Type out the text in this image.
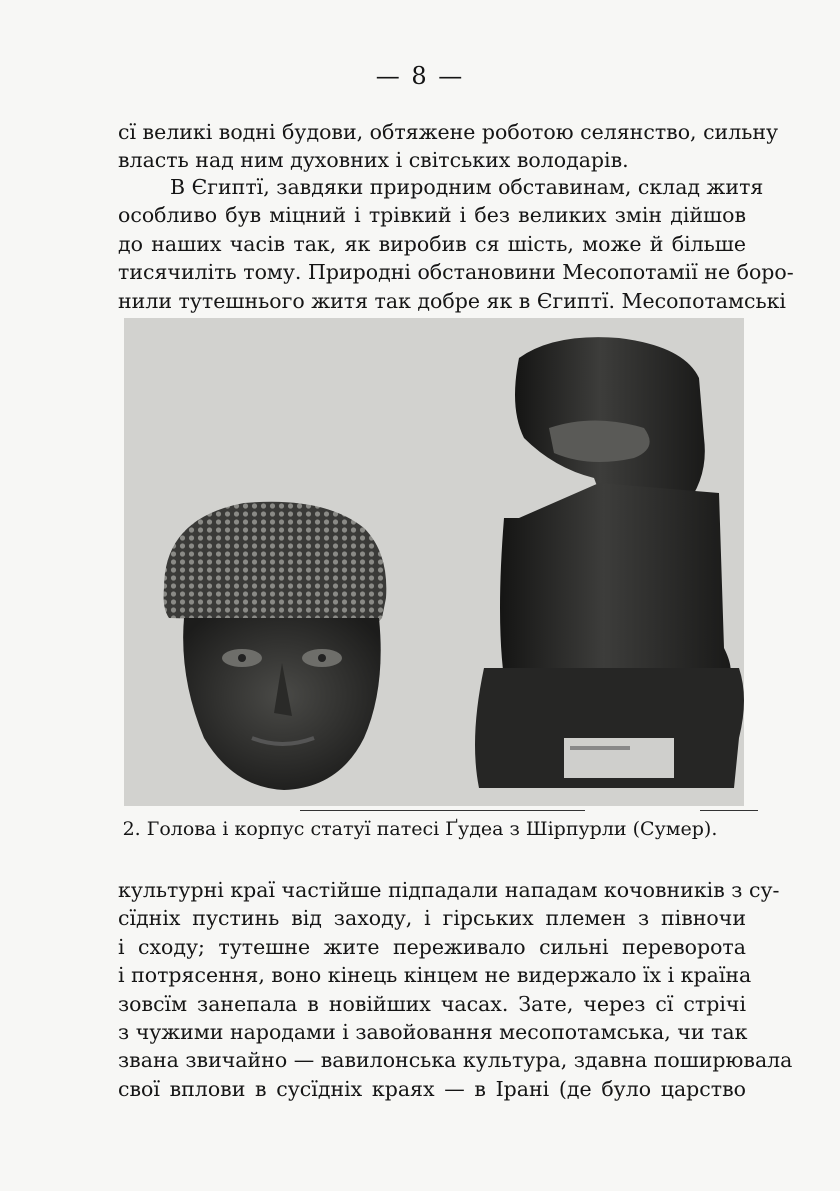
— 8 —
сї великі водні будови, обтяжене роботою селянство, сильну
власть над ним духовних і світських володарів.
В Єгиптї, завдяки природним обставинам, склад житя
особливо був міцний і трівкий і без великих змін дійшов
до наших часів так, як виробив ся шість, може й більше
тисячиліть тому. Природні обстановини Месопотамії не боро-
нили тутешнього житя так добре як в Єгиптї. Месопотамські
2. Голова і корпус статуї патесі Ґудеа з Шірпурли (Сумер).
культурні краї частійше підпадали нападам кочовників з су-
сїдніх пустинь від заходу, і гірських племен з півночи
і сходу; тутешне жите переживало сильні переворота
і потрясення, воно кінець кінцем не видержало їх і країна
зовсїм занепала в новійших часах. Зате, через сї стрічі
з чужими народами і завойовання месопотамська, чи так
звана звичайно — вавилонська культура, здавна поширювала
свої вплови в сусїдніх краях — в Ірані (де було царство
